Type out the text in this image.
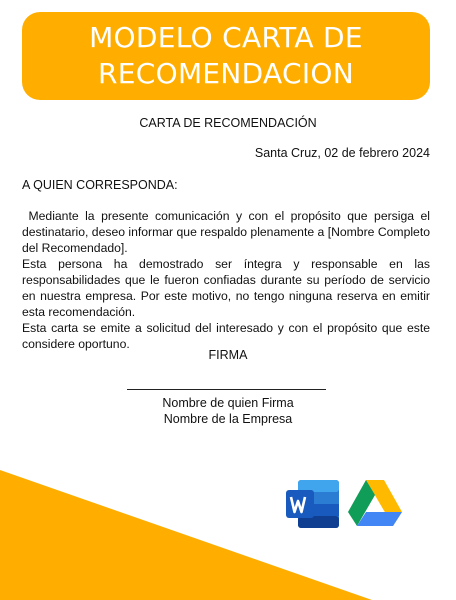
MODELO CARTA DE
RECOMENDACION
CARTA DE RECOMENDACIÓN
Santa Cruz, 02 de febrero 2024
A QUIEN CORRESPONDA:

Mediante la presente comunicación y con el propósito que persiga el destinatario, deseo informar que respaldo plenamente a [Nombre Completo del Recomendado].

Esta persona ha demostrado ser íntegra y responsable en las responsabilidades que le fueron confiadas durante su período de servicio en nuestra empresa. Por este motivo, no tengo ninguna reserva en emitir esta recomendación.

Esta carta se emite a solicitud del interesado y con el propósito que este considere oportuno.

FIRMA
Nombre de quien Firma
Nombre de la Empresa
